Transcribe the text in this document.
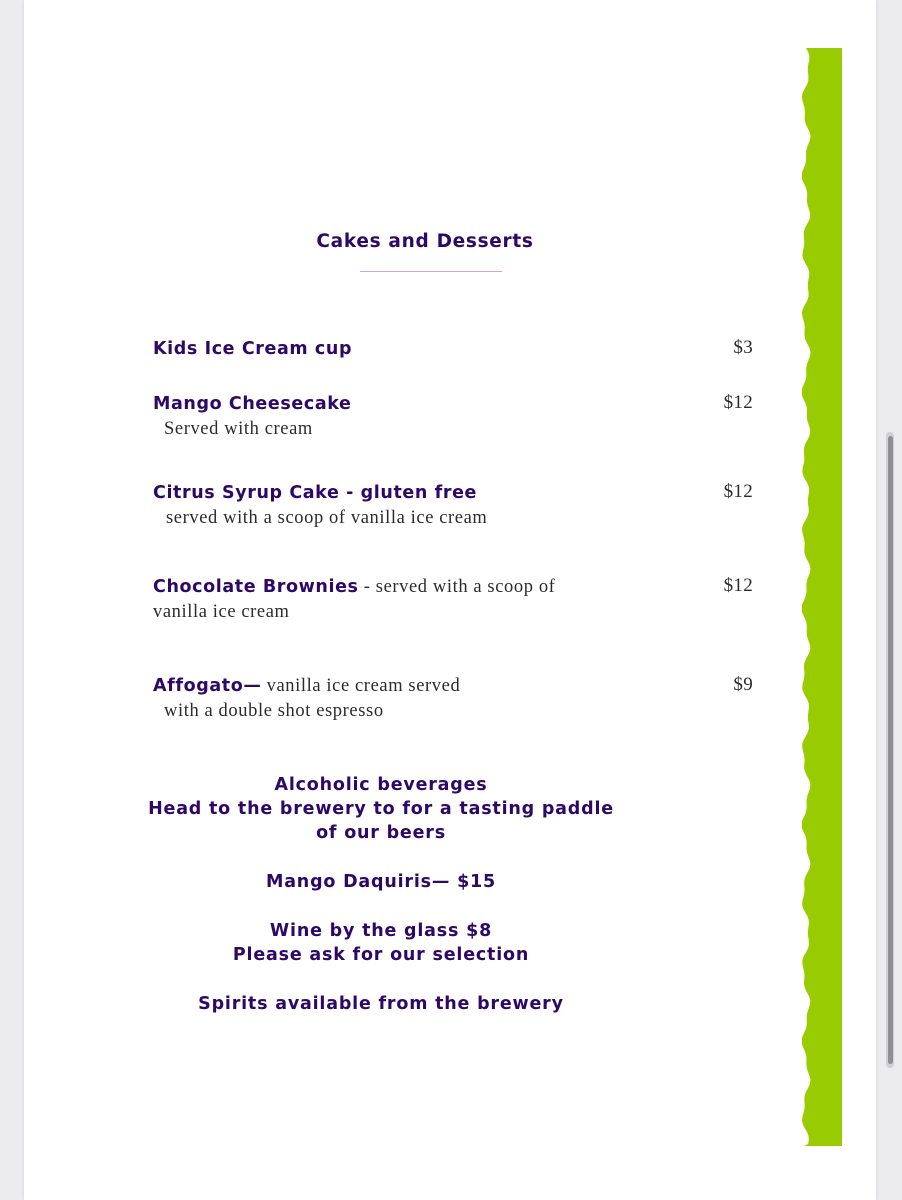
Cakes and Desserts
Kids Ice Cream cup	$3
Mango Cheesecake
Served with cream
$12
Citrus Syrup Cake - gluten free
served with a scoop of vanilla ice cream
$12
Chocolate Brownies - served with a scoop of
vanilla ice cream
$12
Affogato— vanilla ice cream served
with a double shot espresso
$9
Alcoholic beverages
Head to the brewery to for a tasting paddle
of our beers
Mango Daquiris— $15
Wine by the glass $8
Please ask for our selection
Spirits available from the brewery
